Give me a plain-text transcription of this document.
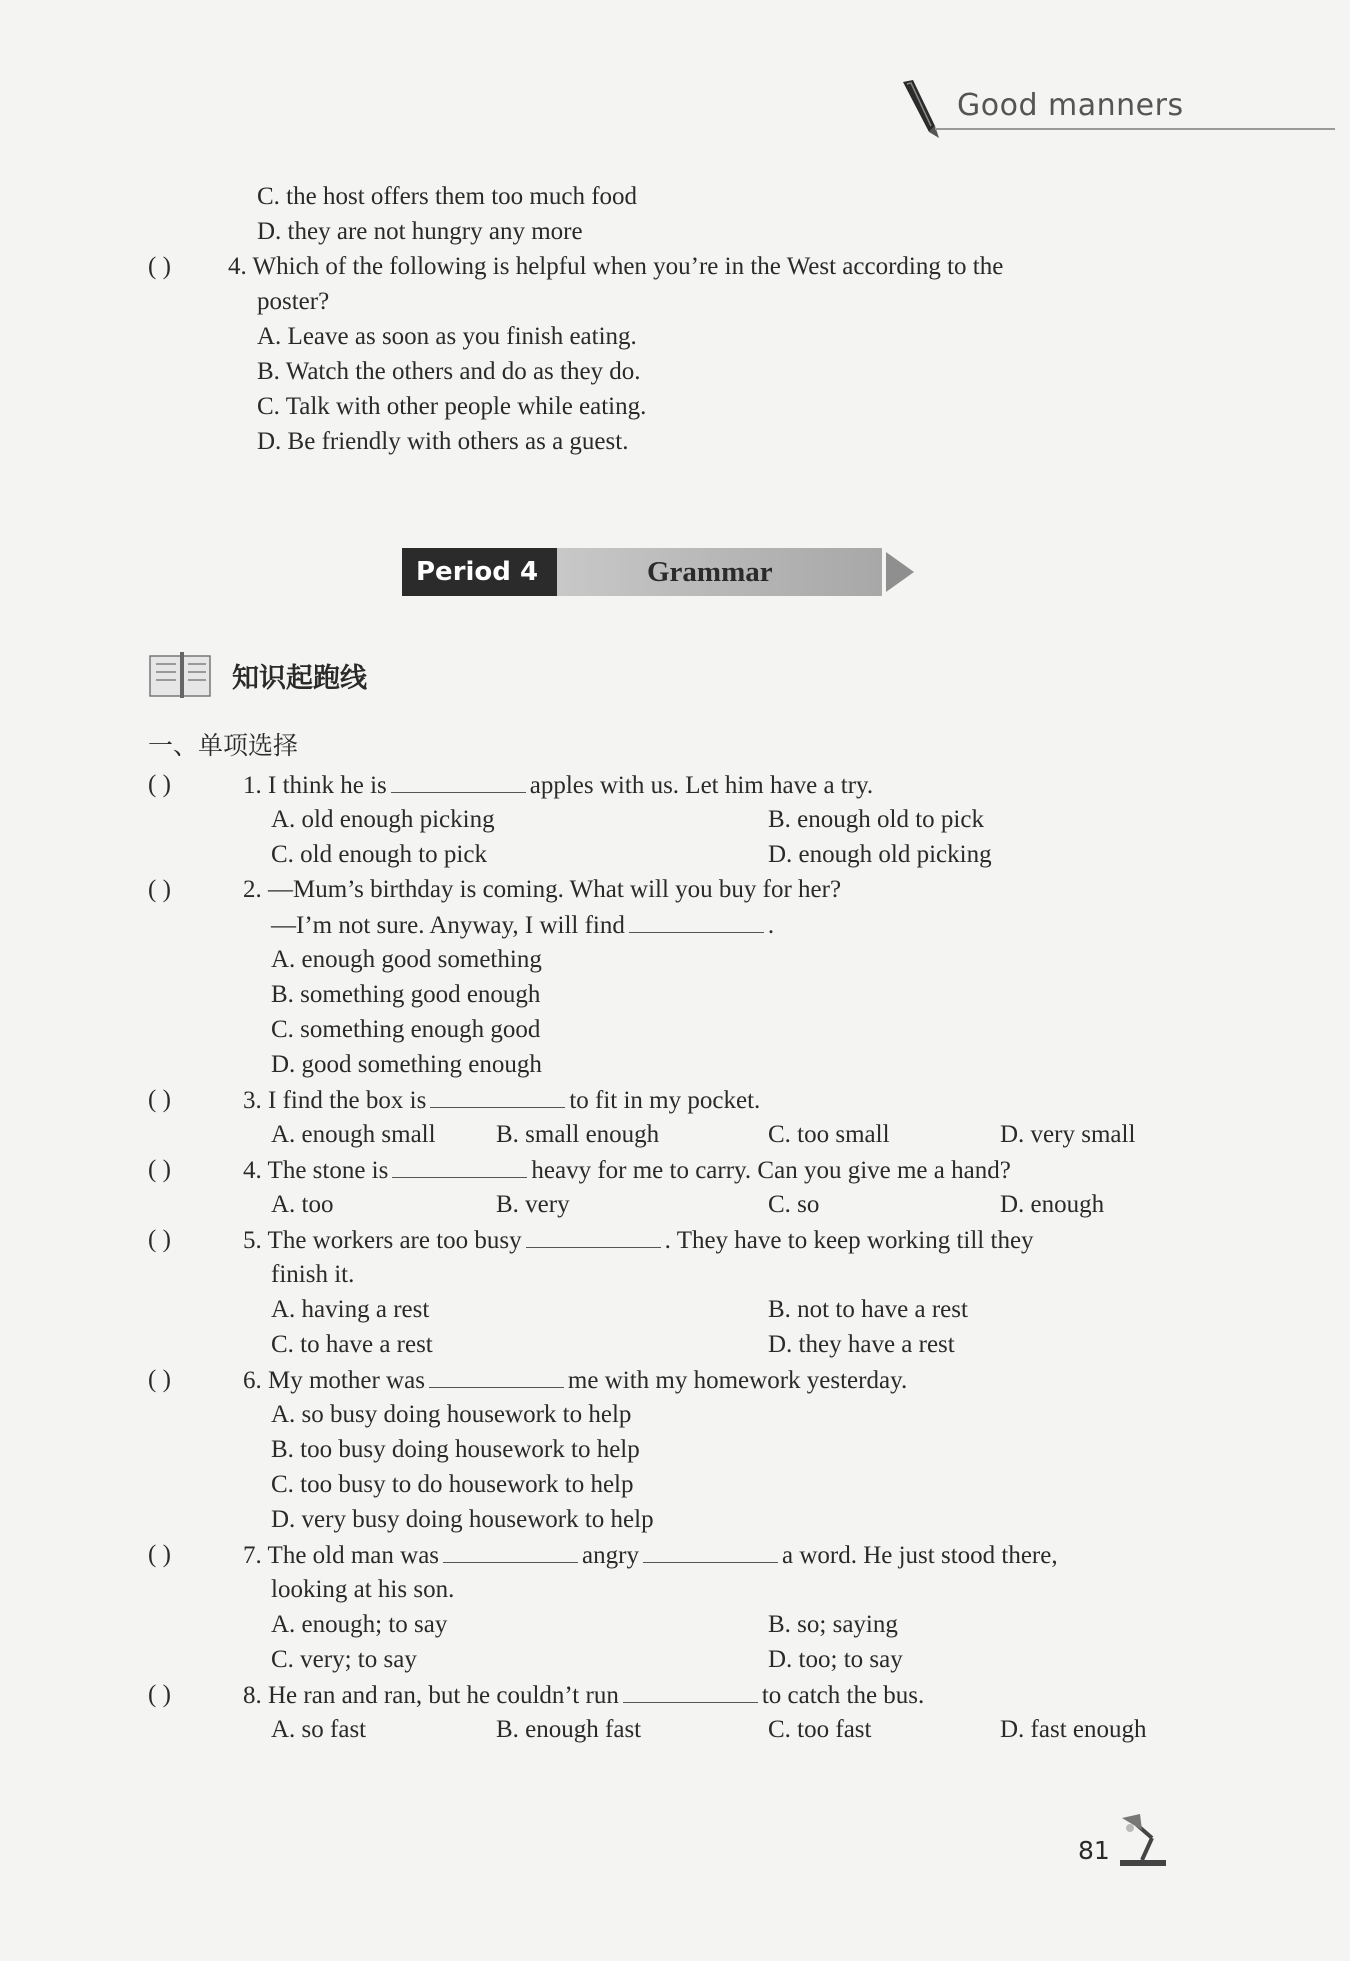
Good manners
C. the host offers them too much food
D. they are not hungry any more
( ) 4. Which of the following is helpful when you’re in the West according to the
poster?
A. Leave as soon as you finish eating.
B. Watch the others and do as they do.
C. Talk with other people while eating.
D. Be friendly with others as a guest.
Period 4	Grammar
知识起跑线
一、单项选择
( )	1. I think he is	apples with us. Let him have a try.
A. old enough picking	B. enough old to pick
C. old enough to pick	D. enough old picking
( )	2. —Mum’s birthday is coming. What will you buy for her?
—I’m not sure. Anyway, I will find	.
A. enough good something
B. something good enough
C. something enough good
D. good something enough
( )	3. I find the box is	to fit in my pocket.
A. enough small B. small enough	C. too small	D. very small
( )	4. The stone is	heavy for me to carry. Can you give me a hand?
A. too	B. very	C. so	D. enough
( )	5. The workers are too busy	. They have to keep working till they
finish it.
A. having a rest	B. not to have a rest
C. to have a rest	D. they have a rest
( )	6. My mother was	me with my homework yesterday.
A. so busy doing housework to help
B. too busy doing housework to help
C. too busy to do housework to help
D. very busy doing housework to help
( )	7. The old man was	angry	a word. He just stood there,
looking at his son.
A. enough; to say	B. so; saying
C. very; to say	D. too; to say
( )	8. He ran and ran, but he couldn’t run	to catch the bus.
A. so fast	B. enough fast	C. too fast	D. fast enough
81
